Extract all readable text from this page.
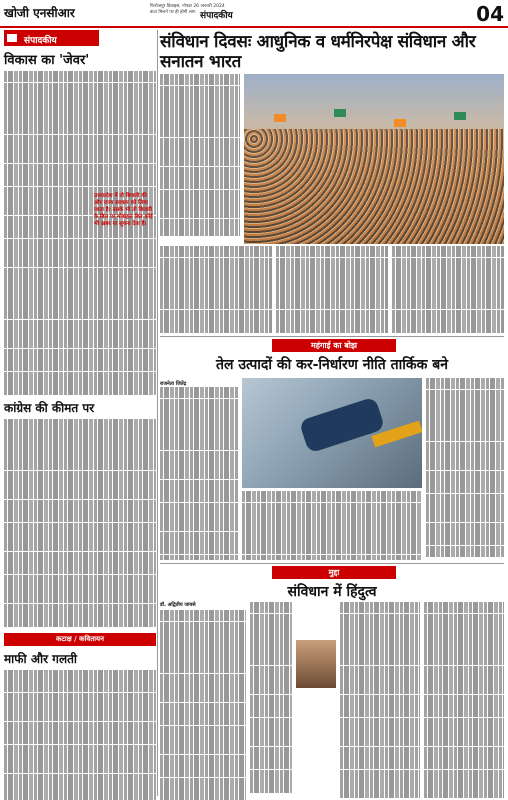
खोजी एनसीआर	फिरोजपुर डिवाइस, नोएडा 26 जनवरी 2024
डाटा मिलने पर ही होगी लाग संपादकीय	04
संपादकीय
विकास का 'जेवर'
कांग्रेस की कीमत पर
कटाक्ष / कवितायन
माफी और गलती
संविधान दिवसः आधुनिक व धर्मनिरपेक्ष संविधान और सनातन भारत
उत्तरप्रदेश में तो बिजली की और राज्य सरकार को लिया जाता है। उसके भी तो बिजली के बिल पर मोबाइल बिल कोई भी ख़बर या सूचना देता है।
महंगाई का बोझ
तेल उत्पादों की कर-निर्धारण नीति तार्किक बने
राजनेता जितेंद्र
मुद्दा
संविधान में हिंदुत्व
डॉ. अद्वितीय जायसे
